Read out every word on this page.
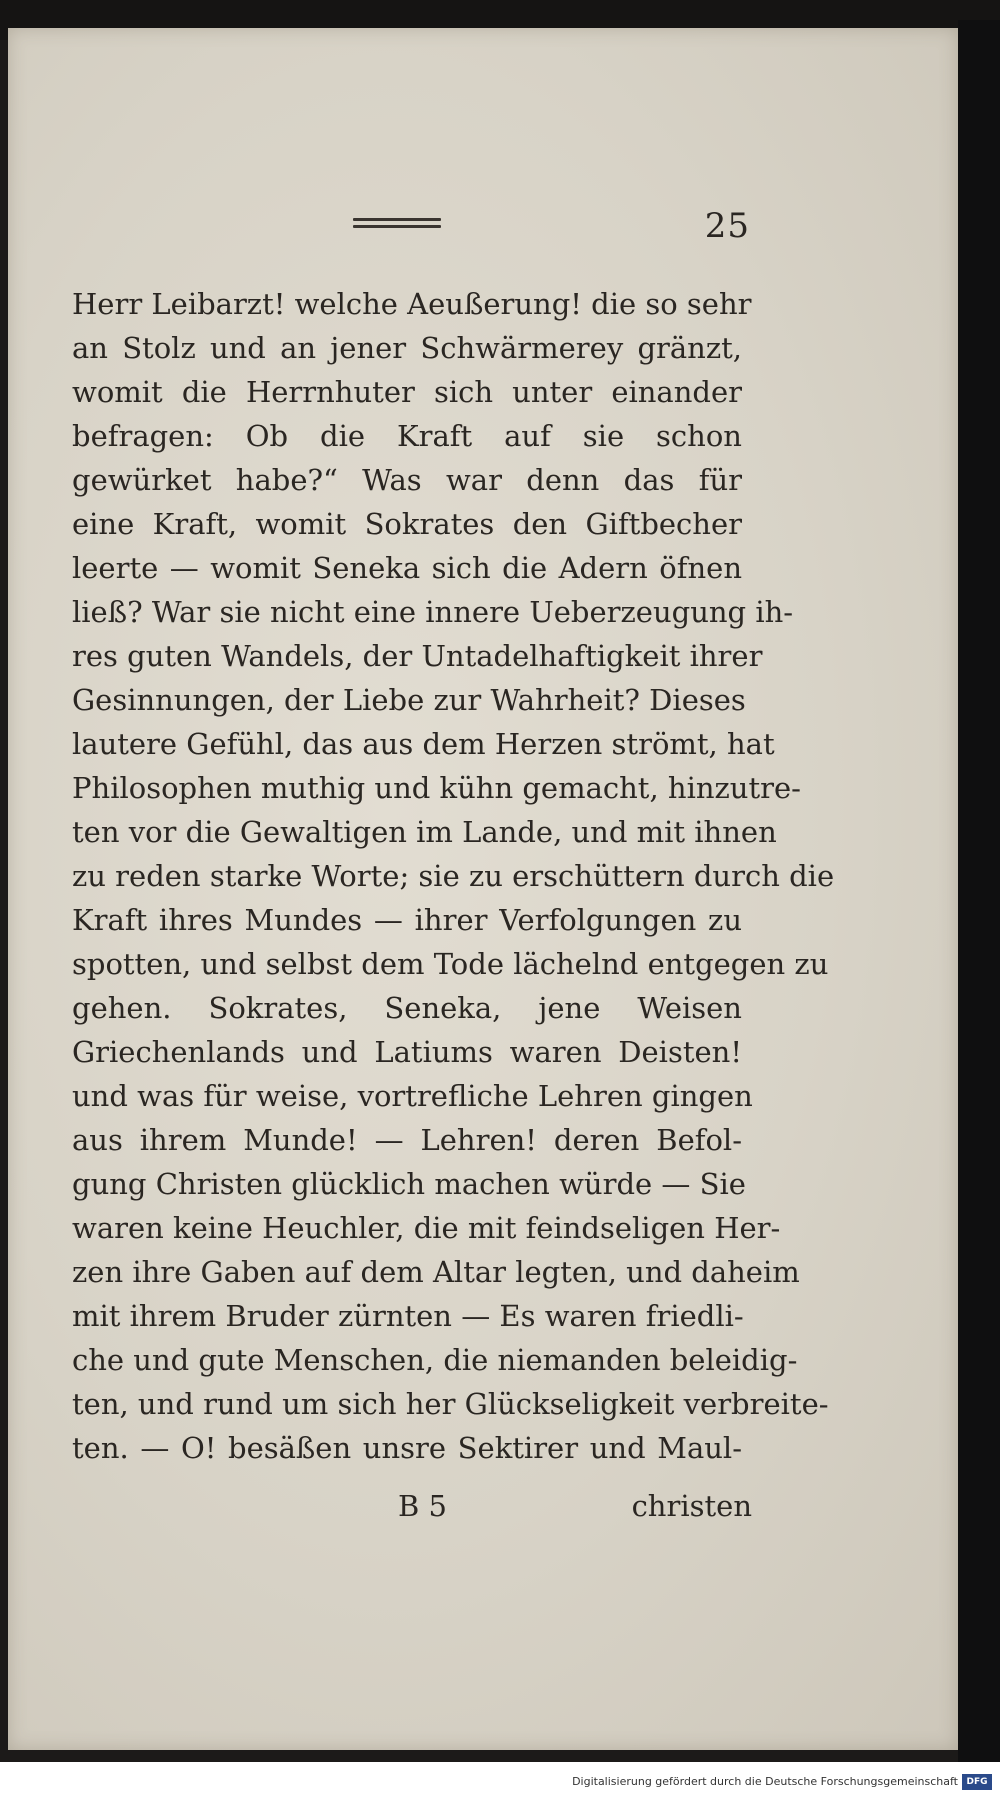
25
Herr Leibarzt! welche Aeußerung! die so sehr
an Stolz und an jener Schwärmerey gränzt,
womit die Herrnhuter sich unter einander
befragen: Ob die Kraft auf sie schon
gewürket habe?“ Was war denn das für
eine Kraft, womit Sokrates den Giftbecher
leerte — womit Seneka sich die Adern öfnen
ließ? War sie nicht eine innere Ueberzeugung ih-
res guten Wandels, der Untadelhaftigkeit ihrer
Gesinnungen, der Liebe zur Wahrheit? Dieses
lautere Gefühl, das aus dem Herzen strömt, hat
Philosophen muthig und kühn gemacht, hinzutre-
ten vor die Gewaltigen im Lande, und mit ihnen
zu reden starke Worte; sie zu erschüttern durch die
Kraft ihres Mundes — ihrer Verfolgungen zu
spotten, und selbst dem Tode lächelnd entgegen zu
gehen. Sokrates, Seneka, jene Weisen
Griechenlands und Latiums waren Deisten!
und was für weise, vortrefliche Lehren gingen
aus ihrem Munde! — Lehren! deren Befol-
gung Christen glücklich machen würde — Sie
waren keine Heuchler, die mit feindseligen Her-
zen ihre Gaben auf dem Altar legten, und daheim
mit ihrem Bruder zürnten — Es waren friedli-
che und gute Menschen, die niemanden beleidig-
ten, und rund um sich her Glückseligkeit verbreite-
ten. — O! besäßen unsre Sektirer und Maul-
B 5	christen
Digitalisierung gefördert durch die Deutsche Forschungsgemeinschaft DFG
